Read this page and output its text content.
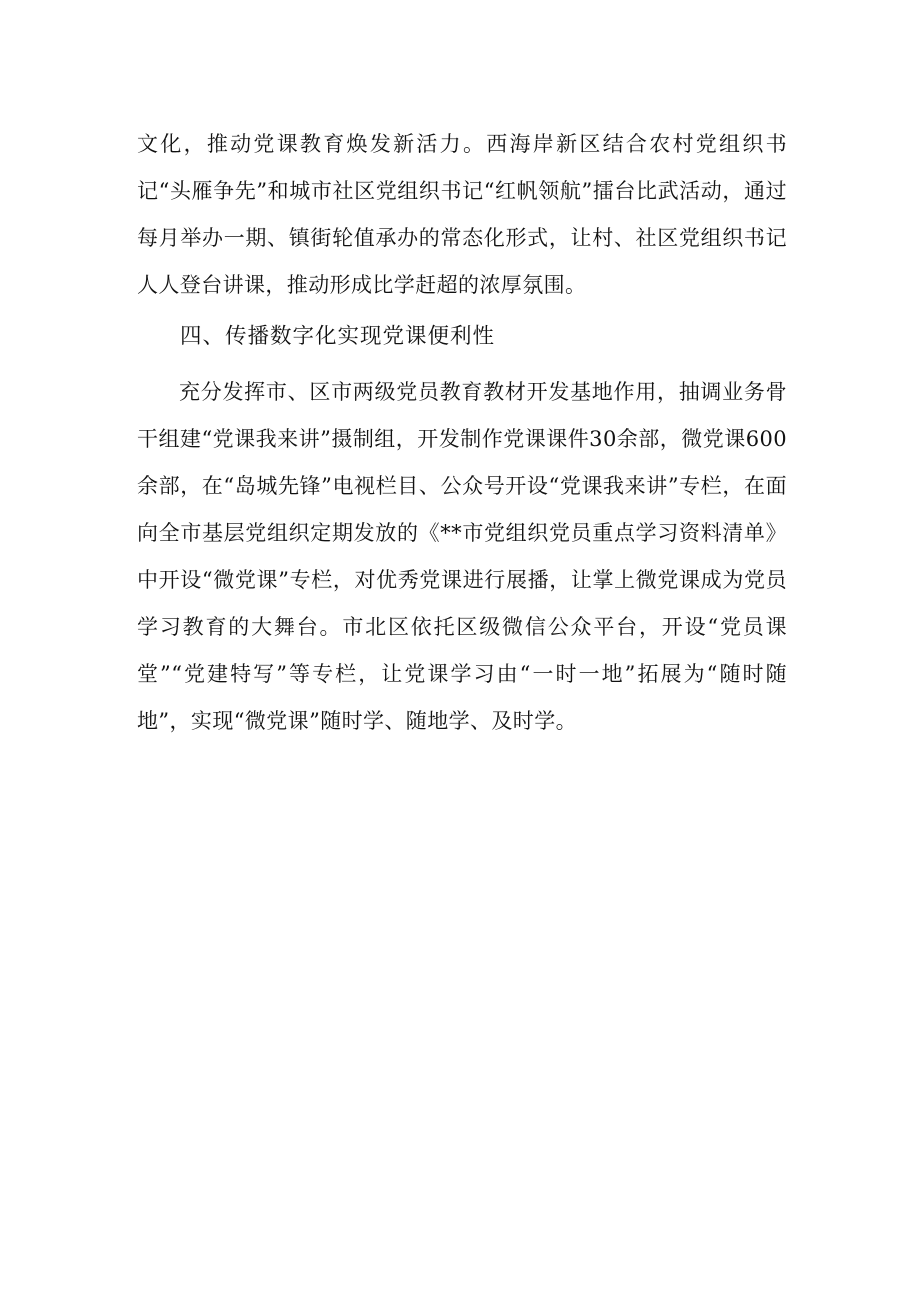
文化，推动党课教育焕发新活力。西海岸新区结合农村党组织书记“头雁争先”和城市社区党组织书记“红帆领航”擂台比武活动，通过每月举办一期、镇街轮值承办的常态化形式，让村、社区党组织书记人人登台讲课，推动形成比学赶超的浓厚氛围。

四、传播数字化实现党课便利性

充分发挥市、区市两级党员教育教材开发基地作用，抽调业务骨干组建“党课我来讲”摄制组，开发制作党课课件30余部，微党课600余部，在“岛城先锋”电视栏目、公众号开设“党课我来讲”专栏，在面向全市基层党组织定期发放的《**市党组织党员重点学习资料清单》中开设“微党课”专栏，对优秀党课进行展播，让掌上微党课成为党员学习教育的大舞台。市北区依托区级微信公众平台，开设“党员课堂”“党建特写”等专栏，让党课学习由“一时一地”拓展为“随时随地”，实现“微党课”随时学、随地学、及时学。
